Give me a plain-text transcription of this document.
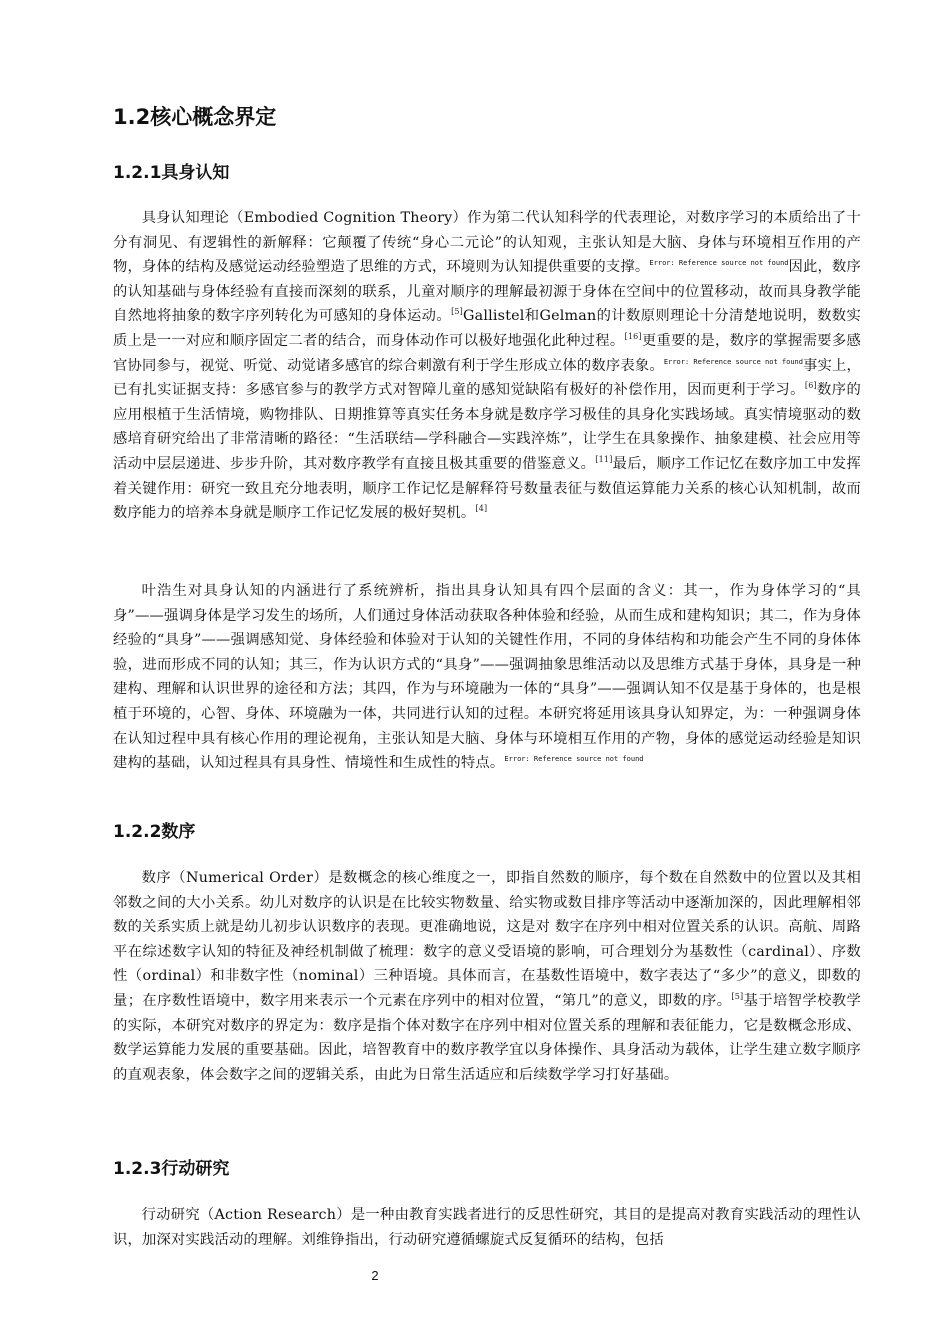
1.2核心概念界定
1.2.1具身认知

具身认知理论（Embodied Cognition Theory）作为第二代认知科学的代表理论，对数序学习的本质给出了十分有洞见、有逻辑性的新解释：它颠覆了传统“身心二元论”的认知观，主张认知是大脑、身体与环境相互作用的产物，身体的结构及感觉运动经验塑造了思维的方式，环境则为认知提供重要的支撑。$^{Error: Reference source not found}$因此，数序的认知基础与身体经验有直接而深刻的联系，儿童对顺序的理解最初源于身体在空间中的位置移动，故而具身教学能自然地将抽象的数字序列转化为可感知的身体运动。[5]Gallistel和Gelman的计数原则理论十分清楚地说明，数数实质上是一一对应和顺序固定二者的结合，而身体动作可以极好地强化此种过程。[16]更重要的是，数序的掌握需要多感官协同参与，视觉、听觉、动觉诸多感官的综合刺激有利于学生形成立体的数序表象。$^{Error: Reference source not found}$事实上，已有扎实证据支持：多感官参与的教学方式对智障儿童的感知觉缺陷有极好的补偿作用，因而更利于学习。[6]数序的应用根植于生活情境，购物排队、日期推算等真实任务本身就是数序学习极佳的具身化实践场域。真实情境驱动的数感培育研究给出了非常清晰的路径：“生活联结—学科融合—实践淬炼”，让学生在具象操作、抽象建模、社会应用等活动中层层递进、步步升阶，其对数序教学有直接且极其重要的借鉴意义。[11]最后，顺序工作记忆在数序加工中发挥着关键作用：研究一致且充分地表明，顺序工作记忆是解释符号数量表征与数值运算能力关系的核心认知机制，故而数序能力的培养本身就是顺序工作记忆发展的极好契机。[4]

叶浩生对具身认知的内涵进行了系统辨析，指出具身认知具有四个层面的含义：其一，作为身体学习的“具身”——强调身体是学习发生的场所，人们通过身体活动获取各种体验和经验，从而生成和建构知识；其二，作为身体经验的“具身”——强调感知觉、身体经验和体验对于认知的关键性作用，不同的身体结构和功能会产生不同的身体体验，进而形成不同的认知；其三，作为认识方式的“具身”——强调抽象思维活动以及思维方式基于身体，具身是一种建构、理解和认识世界的途径和方法；其四，作为与环境融为一体的“具身”——强调认知不仅是基于身体的，也是根植于环境的，心智、身体、环境融为一体，共同进行认知的过程。本研究将延用该具身认知界定，为：一种强调身体在认知过程中具有核心作用的理论视角，主张认知是大脑、身体与环境相互作用的产物，身体的感觉运动经验是知识建构的基础，认知过程具有具身性、情境性和生成性的特点。$^{Error: Reference source not found}$

1.2.2数序

数序（Numerical Order）是数概念的核心维度之一，即指自然数的顺序，每个数在自然数中的位置以及其相邻数之间的大小关系。幼儿对数序的认识是在比较实物数量、给实物或数目排序等活动中逐渐加深的，因此理解相邻数的关系实质上就是幼儿初步认识数序的表现。更准确地说，这是对 数字在序列中相对位置关系的认识。高航、周路平在综述数字认知的特征及神经机制做了梳理：数字的意义受语境的影响，可合理划分为基数性（cardinal）、序数性（ordinal）和非数字性（nominal）三种语境。具体而言，在基数性语境中，数字表达了“多少”的意义，即数的量；在序数性语境中，数字用来表示一个元素在序列中的相对位置，“第几”的意义，即数的序。[5]基于培智学校教学的实际，本研究对数序的界定为：数序是指个体对数字在序列中相对位置关系的理解和表征能力，它是数概念形成、数学运算能力发展的重要基础。因此，培智教育中的数序教学宜以身体操作、具身活动为载体，让学生建立数字顺序的直观表象，体会数字之间的逻辑关系，由此为日常生活适应和后续数学学习打好基础。

1.2.3行动研究

行动研究（Action Research）是一种由教育实践者进行的反思性研究，其目的是提高对教育实践活动的理性认识，加深对实践活动的理解。刘维铮指出，行动研究遵循螺旋式反复循环的结构，包括

2
